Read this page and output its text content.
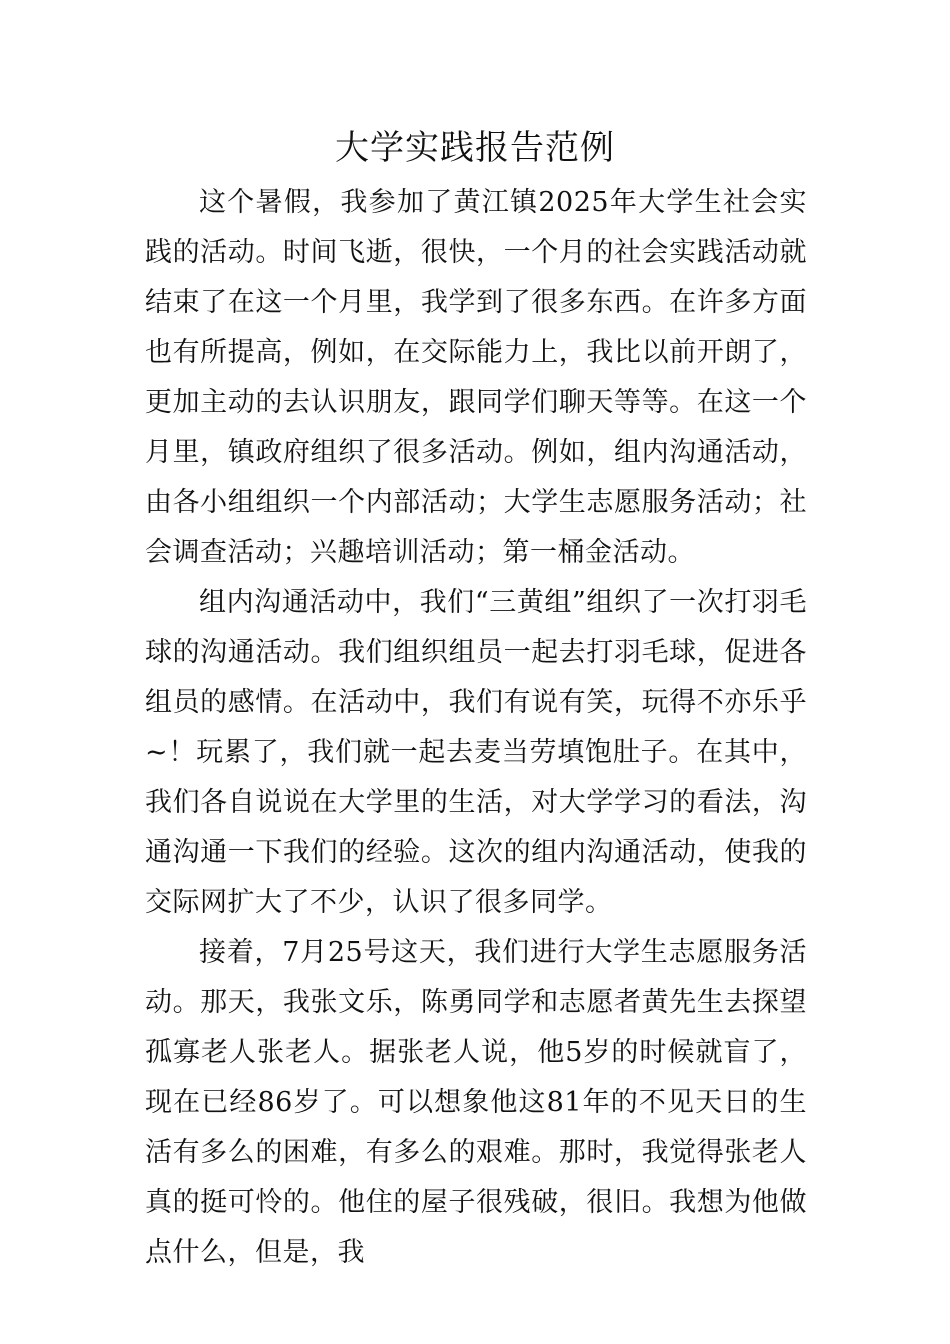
大学实践报告范例

这个暑假，我参加了黄江镇2025年大学生社会实践的活动。时间飞逝，很快，一个月的社会实践活动就结束了在这一个月里，我学到了很多东西。在许多方面也有所提高，例如，在交际能力上，我比以前开朗了，更加主动的去认识朋友，跟同学们聊天等等。在这一个月里，镇政府组织了很多活动。例如，组内沟通活动，由各小组组织一个内部活动；大学生志愿服务活动；社会调查活动；兴趣培训活动；第一桶金活动。

组内沟通活动中，我们“三黄组”组织了一次打羽毛球的沟通活动。我们组织组员一起去打羽毛球，促进各组员的感情。在活动中，我们有说有笑，玩得不亦乐乎~！玩累了，我们就一起去麦当劳填饱肚子。在其中，我们各自说说在大学里的生活，对大学学习的看法，沟通沟通一下我们的经验。这次的组内沟通活动，使我的交际网扩大了不少，认识了很多同学。

接着，7月25号这天，我们进行大学生志愿服务活动。那天，我张文乐，陈勇同学和志愿者黄先生去探望孤寡老人张老人。据张老人说，他5岁的时候就盲了，现在已经86岁了。可以想象他这81年的不见天日的生活有多么的困难，有多么的艰难。那时，我觉得张老人真的挺可怜的。他住的屋子很残破，很旧。我想为他做点什么，但是，我
